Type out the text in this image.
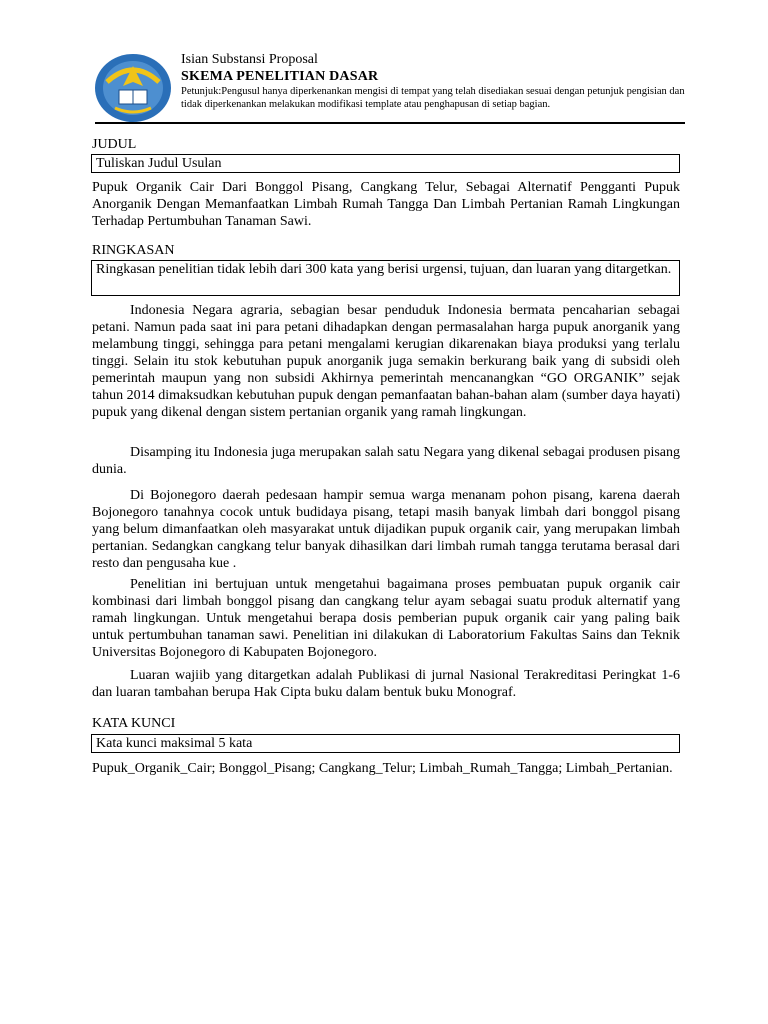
Isian Substansi Proposal
SKEMA PENELITIAN DASAR
Petunjuk:Pengusul hanya diperkenankan mengisi di tempat yang telah disediakan sesuai dengan petunjuk pengisian dan tidak diperkenankan melakukan modifikasi template atau penghapusan di setiap bagian.
JUDUL
Tuliskan Judul Usulan

Pupuk Organik Cair Dari Bonggol Pisang, Cangkang Telur, Sebagai Alternatif Pengganti Pupuk Anorganik Dengan Memanfaatkan Limbah Rumah Tangga Dan Limbah Pertanian Ramah Lingkungan Terhadap Pertumbuhan Tanaman Sawi.

RINGKASAN
Ringkasan penelitian tidak lebih dari 300 kata yang berisi urgensi, tujuan, dan luaran yang ditargetkan.

Indonesia Negara agraria, sebagian besar penduduk Indonesia bermata pencaharian sebagai petani. Namun pada saat ini para petani dihadapkan dengan permasalahan harga pupuk anorganik yang melambung tinggi, sehingga para petani mengalami kerugian dikarenakan biaya produksi yang terlalu tinggi. Selain itu stok kebutuhan pupuk anorganik juga semakin berkurang baik yang di subsidi oleh pemerintah maupun yang non subsidi Akhirnya pemerintah mencanangkan “GO ORGANIK” sejak tahun 2014 dimaksudkan kebutuhan pupuk dengan pemanfaatan bahan-bahan alam (sumber daya hayati) pupuk yang dikenal dengan sistem pertanian organik yang ramah lingkungan.

Disamping itu Indonesia juga merupakan salah satu Negara yang dikenal sebagai produsen pisang dunia.

Di Bojonegoro daerah pedesaan hampir semua warga menanam pohon pisang, karena daerah Bojonegoro tanahnya cocok untuk budidaya pisang, tetapi masih banyak limbah dari bonggol pisang yang belum dimanfaatkan oleh masyarakat untuk dijadikan pupuk organik cair, yang merupakan limbah pertanian. Sedangkan cangkang telur banyak dihasilkan dari limbah rumah tangga terutama berasal dari resto dan pengusaha kue .

Penelitian ini bertujuan untuk mengetahui bagaimana proses pembuatan pupuk organik cair kombinasi dari limbah bonggol pisang dan cangkang telur ayam sebagai suatu produk alternatif yang ramah lingkungan. Untuk mengetahui berapa dosis pemberian pupuk organik cair yang paling baik untuk pertumbuhan tanaman sawi. Penelitian ini dilakukan di Laboratorium Fakultas Sains dan Teknik Universitas Bojonegoro di Kabupaten Bojonegoro.

Luaran wajiib yang ditargetkan adalah Publikasi di jurnal Nasional Terakreditasi Peringkat 1-6 dan luaran tambahan berupa Hak Cipta buku dalam bentuk buku Monograf.

KATA KUNCI
Kata kunci maksimal 5 kata

Pupuk_Organik_Cair; Bonggol_Pisang; Cangkang_Telur; Limbah_Rumah_Tangga; Limbah_Pertanian.
